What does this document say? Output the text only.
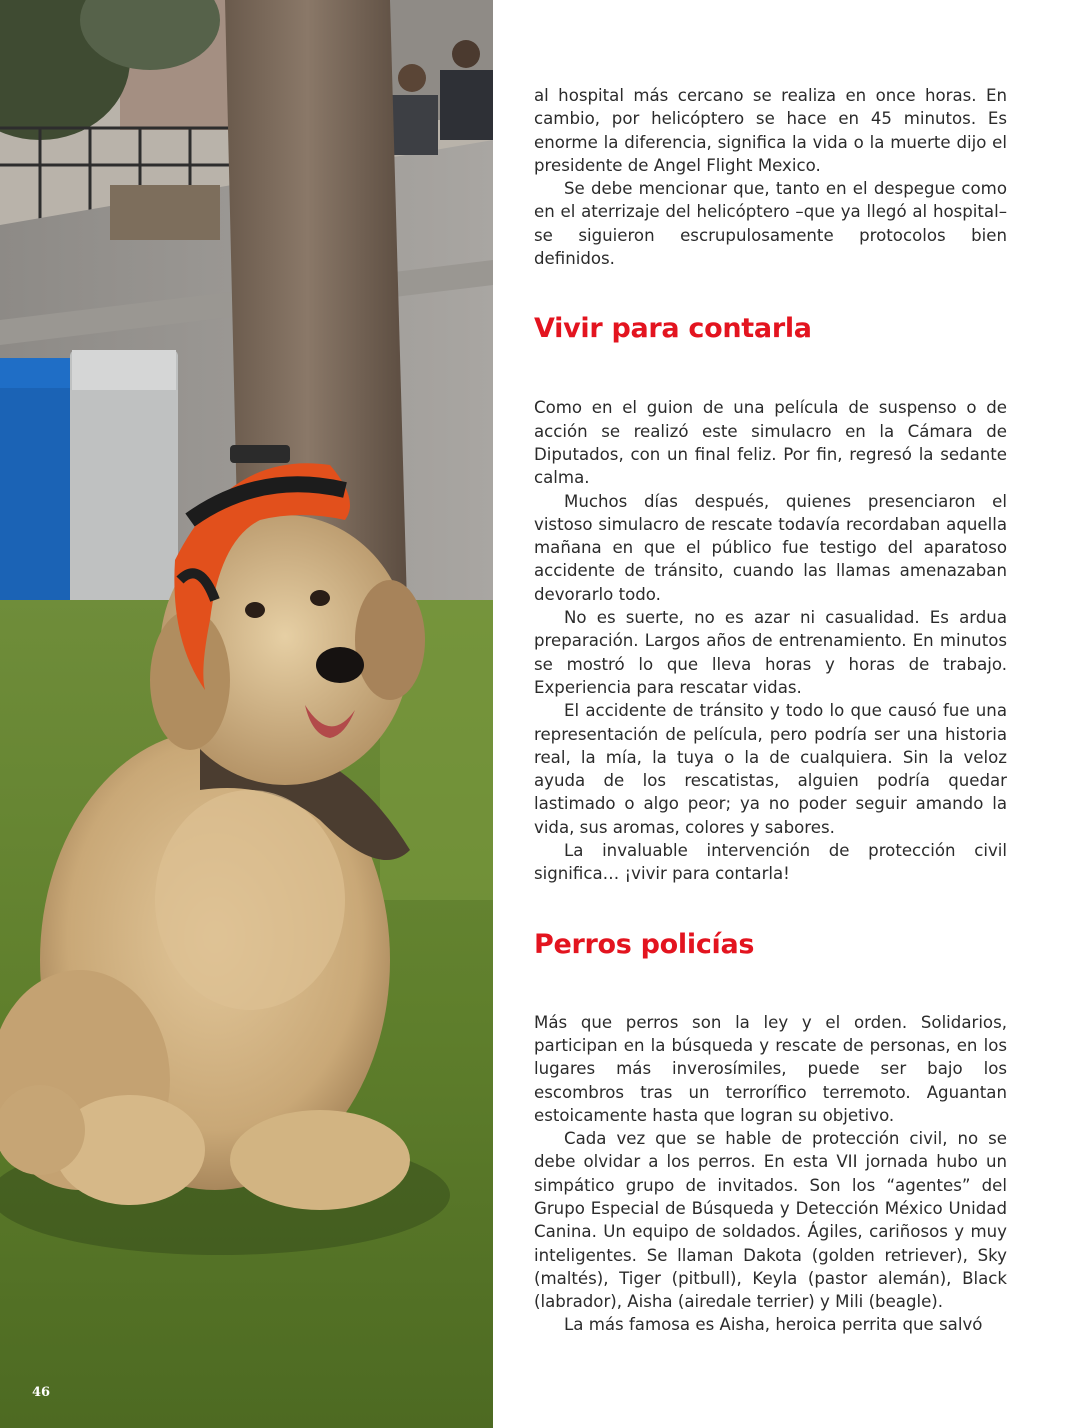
46

al hospital más cercano se realiza en once horas. En cambio, por helicóptero se hace en 45 minutos. Es enorme la diferencia, significa la vida o la muerte dijo el presidente de Angel Flight Mexico.

Se debe mencionar que, tanto en el despegue como en el aterrizaje del helicóptero –que ya llegó al hospital– se siguieron escrupulosamente protocolos bien definidos.

Vivir para contarla

Como en el guion de una película de suspenso o de acción se realizó este simulacro en la Cámara de Diputados, con un final feliz. Por fin, regresó la sedante calma.

Muchos días después, quienes presenciaron el vistoso simulacro de rescate todavía recordaban aquella mañana en que el público fue testigo del aparatoso accidente de tránsito, cuando las llamas amenazaban devorarlo todo.

No es suerte, no es azar ni casualidad. Es ardua preparación. Largos años de entrenamiento. En minutos se mostró lo que lleva horas y horas de trabajo. Experiencia para rescatar vidas.

El accidente de tránsito y todo lo que causó fue una representación de película, pero podría ser una historia real, la mía, la tuya o la de cualquiera. Sin la veloz ayuda de los rescatistas, alguien podría quedar lastimado o algo peor; ya no poder seguir amando la vida, sus aromas, colores y sabores.

La invaluable intervención de protección civil significa… ¡vivir para contarla!

Perros policías

Más que perros son la ley y el orden. Solidarios, participan en la búsqueda y rescate de personas, en los lugares más inverosímiles, puede ser bajo los escombros tras un terrorífico terremoto. Aguantan estoicamente hasta que logran su objetivo.

Cada vez que se hable de protección civil, no se debe olvidar a los perros. En esta VII jornada hubo un simpático grupo de invitados. Son los “agentes” del Grupo Especial de Búsqueda y Detección México Unidad Canina. Un equipo de soldados. Ágiles, cariñosos y muy inteligentes. Se llaman Dakota (golden retriever), Sky (maltés), Tiger (pitbull), Keyla (pastor alemán), Black (labrador), Aisha (airedale terrier) y Mili (beagle).

La más famosa es Aisha, heroica perrita que salvó
